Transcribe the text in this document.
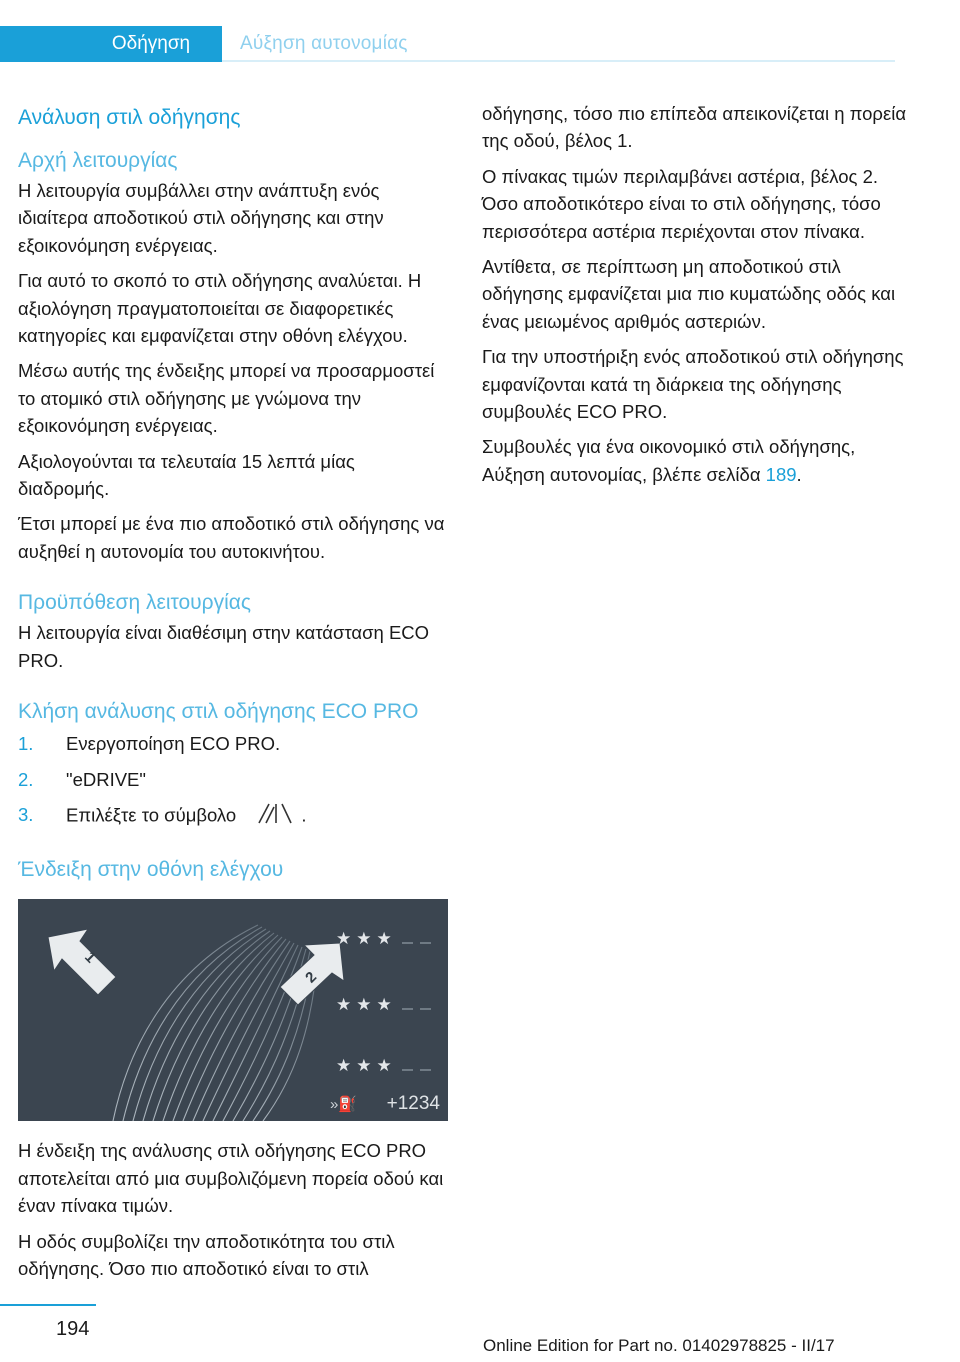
Οδήγηση	Αύξηση αυτονομίας
Ανάλυση στιλ οδήγησης
Αρχή λειτουργίας

Η λειτουργία συμβάλλει στην ανάπτυξη ενός ιδιαίτερα αποδοτικού στιλ οδήγησης και στην εξοικονόμηση ενέργειας.

Για αυτό το σκοπό το στιλ οδήγησης αναλύεται. Η αξιολόγηση πραγματοποιείται σε διαφορετικές κατηγορίες και εμφανίζεται στην οθόνη ελέγχου.

Μέσω αυτής της ένδειξης μπορεί να προσαρμοστεί το ατομικό στιλ οδήγησης με γνώμονα την εξοικονόμηση ενέργειας.

Αξιολογούνται τα τελευταία 15 λεπτά μίας διαδρομής.

Έτσι μπορεί με ένα πιο αποδοτικό στιλ οδήγησης να αυξηθεί η αυτονομία του αυτοκινήτου.

Προϋπόθεση λειτουργίας

Η λειτουργία είναι διαθέσιμη στην κατάσταση ECO PRO.

Κλήση ανάλυσης στιλ οδήγησης ECO PRO
1. Ενεργοποίηση ECO PRO.
2. "eDRIVE"
3. Επιλέξτε το σύμβολο	.
Ένδειξη στην οθόνη ελέγχου
1
2
★★★
★★★
★★★
»⛽ +1234

Η ένδειξη της ανάλυσης στιλ οδήγησης ECO PRO αποτελείται από μια συμβολιζόμενη πορεία οδού και έναν πίνακα τιμών.

Η οδός συμβολίζει την αποδοτικότητα του στιλ οδήγησης. Όσο πιο αποδοτικό είναι το στιλ

οδήγησης, τόσο πιο επίπεδα απεικονίζεται η πορεία της οδού, βέλος 1.

Ο πίνακας τιμών περιλαμβάνει αστέρια, βέλος 2. Όσο αποδοτικότερο είναι το στιλ οδήγησης, τόσο περισσότερα αστέρια περιέχονται στον πίνακα.

Αντίθετα, σε περίπτωση μη αποδοτικού στιλ οδήγησης εμφανίζεται μια πιο κυματώδης οδός και ένας μειωμένος αριθμός αστεριών.

Για την υποστήριξη ενός αποδοτικού στιλ οδήγησης εμφανίζονται κατά τη διάρκεια της οδήγησης συμβουλές ECO PRO.

Συμβουλές για ένα οικονομικό στιλ οδήγησης, Αύξηση αυτονομίας, βλέπε σελίδα 189.

194
Online Edition for Part no. 01402978825 - II/17
